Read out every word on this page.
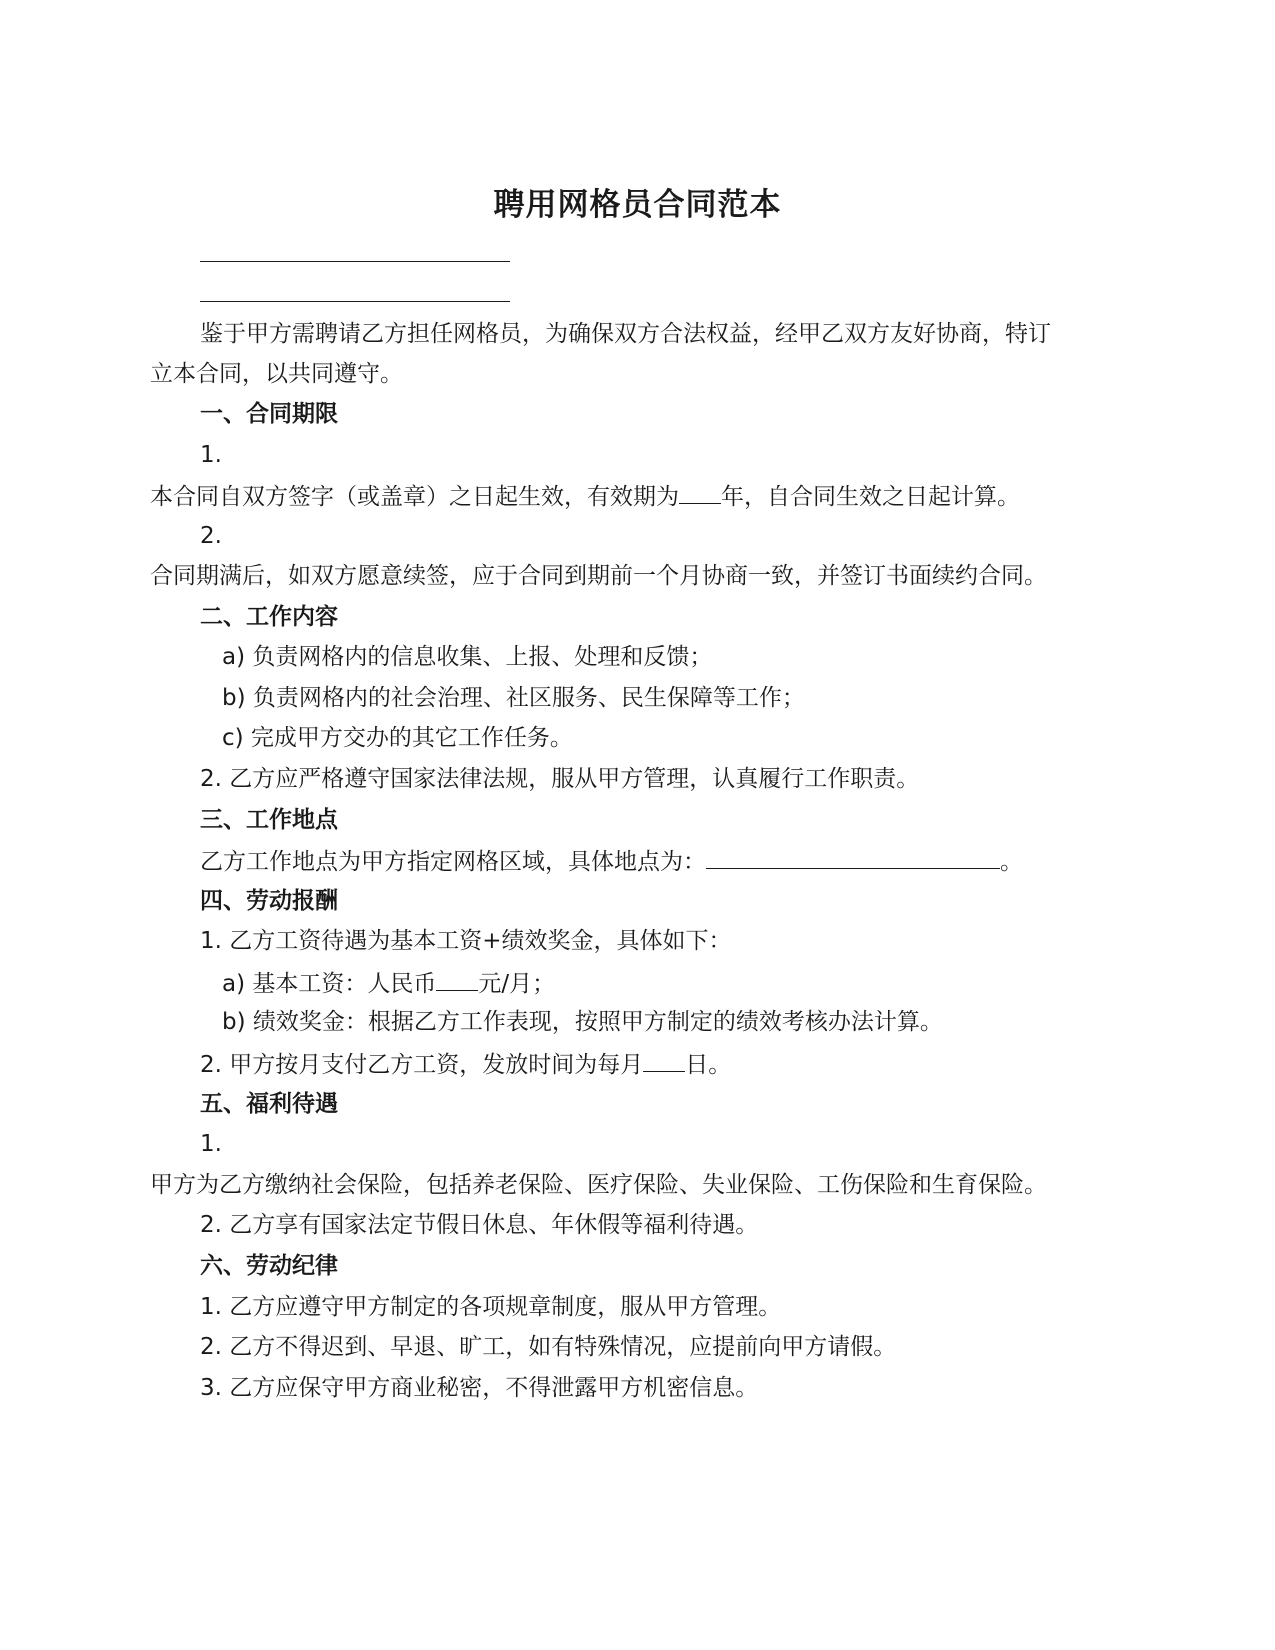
聘用网格员合同范本
鉴于甲方需聘请乙方担任网格员，为确保双方合法权益，经甲乙双方友好协商，特订
立本合同，以共同遵守。
一、合同期限
1.
本合同自双方签字（或盖章）之日起生效，有效期为 年，自合同生效之日起计算。
2.
合同期满后，如双方愿意续签，应于合同到期前一个月协商一致，并签订书面续约合同。
二、工作内容
a) 负责网格内的信息收集、上报、处理和反馈；
b) 负责网格内的社会治理、社区服务、民生保障等工作；
c) 完成甲方交办的其它工作任务。
2. 乙方应严格遵守国家法律法规，服从甲方管理，认真履行工作职责。
三、工作地点
乙方工作地点为甲方指定网格区域，具体地点为：	。
四、劳动报酬
1. 乙方工资待遇为基本工资+绩效奖金，具体如下：
a) 基本工资：人民币 元/月；
b) 绩效奖金：根据乙方工作表现，按照甲方制定的绩效考核办法计算。
2. 甲方按月支付乙方工资，发放时间为每月 日。
五、福利待遇
1.
甲方为乙方缴纳社会保险，包括养老保险、医疗保险、失业保险、工伤保险和生育保险。
2. 乙方享有国家法定节假日休息、年休假等福利待遇。
六、劳动纪律
1. 乙方应遵守甲方制定的各项规章制度，服从甲方管理。
2. 乙方不得迟到、早退、旷工，如有特殊情况，应提前向甲方请假。
3. 乙方应保守甲方商业秘密，不得泄露甲方机密信息。
